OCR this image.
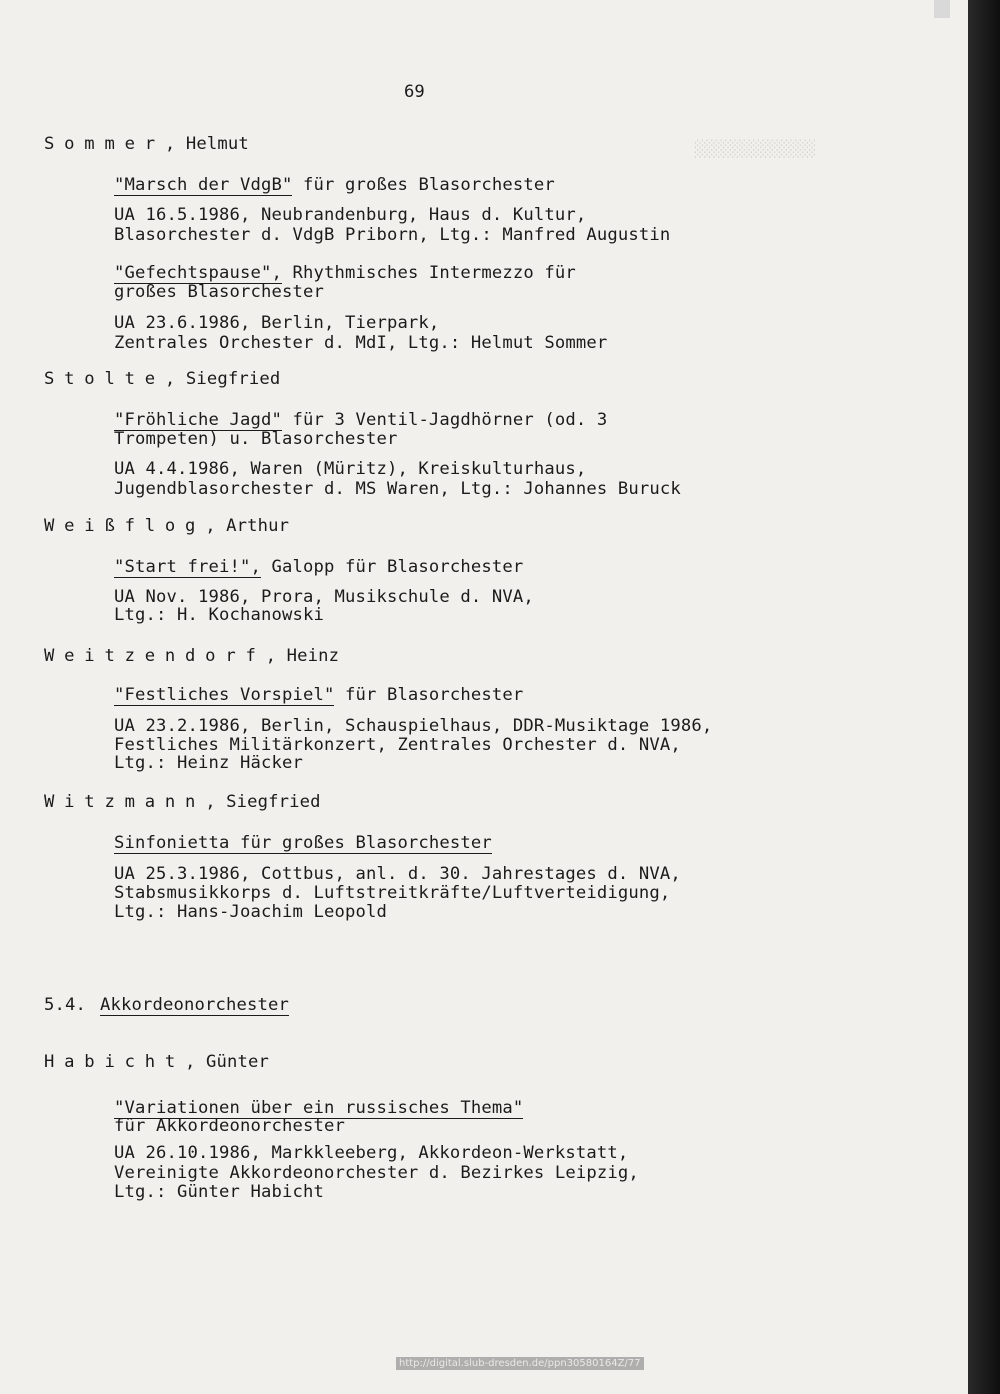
░░░░░░░░░░░░░
69
Sommer, Helmut
"Marsch der VdgB" für großes Blasorchester
UA 16.5.1986, Neubrandenburg, Haus d. Kultur,
Blasorchester d. VdgB Priborn, Ltg.: Manfred Augustin
"Gefechtspause", Rhythmisches Intermezzo für
großes Blasorchester
UA 23.6.1986, Berlin, Tierpark,
Zentrales Orchester d. MdI, Ltg.: Helmut Sommer
Stolte, Siegfried
"Fröhliche Jagd" für 3 Ventil-Jagdhörner (od. 3
Trompeten) u. Blasorchester
UA 4.4.1986, Waren (Müritz), Kreiskulturhaus,
Jugendblasorchester d. MS Waren, Ltg.: Johannes Buruck
Weißflog, Arthur
"Start frei!", Galopp für Blasorchester
UA Nov. 1986, Prora, Musikschule d. NVA,
Ltg.: H. Kochanowski
Weitzendorf, Heinz
"Festliches Vorspiel" für Blasorchester
UA 23.2.1986, Berlin, Schauspielhaus, DDR-Musiktage 1986,
Festliches Militärkonzert, Zentrales Orchester d. NVA,
Ltg.: Heinz Häcker
Witzmann, Siegfried
Sinfonietta für großes Blasorchester
UA 25.3.1986, Cottbus, anl. d. 30. Jahrestages d. NVA,
Stabsmusikkorps d. Luftstreitkräfte/Luftverteidigung,
Ltg.: Hans-Joachim Leopold
5.4. Akkordeonorchester
Habicht, Günter
"Variationen über ein russisches Thema"
für Akkordeonorchester
UA 26.10.1986, Markkleeberg, Akkordeon-Werkstatt,
Vereinigte Akkordeonorchester d. Bezirkes Leipzig,
Ltg.: Günter Habicht
http://digital.slub-dresden.de/ppn30580164Z/77
